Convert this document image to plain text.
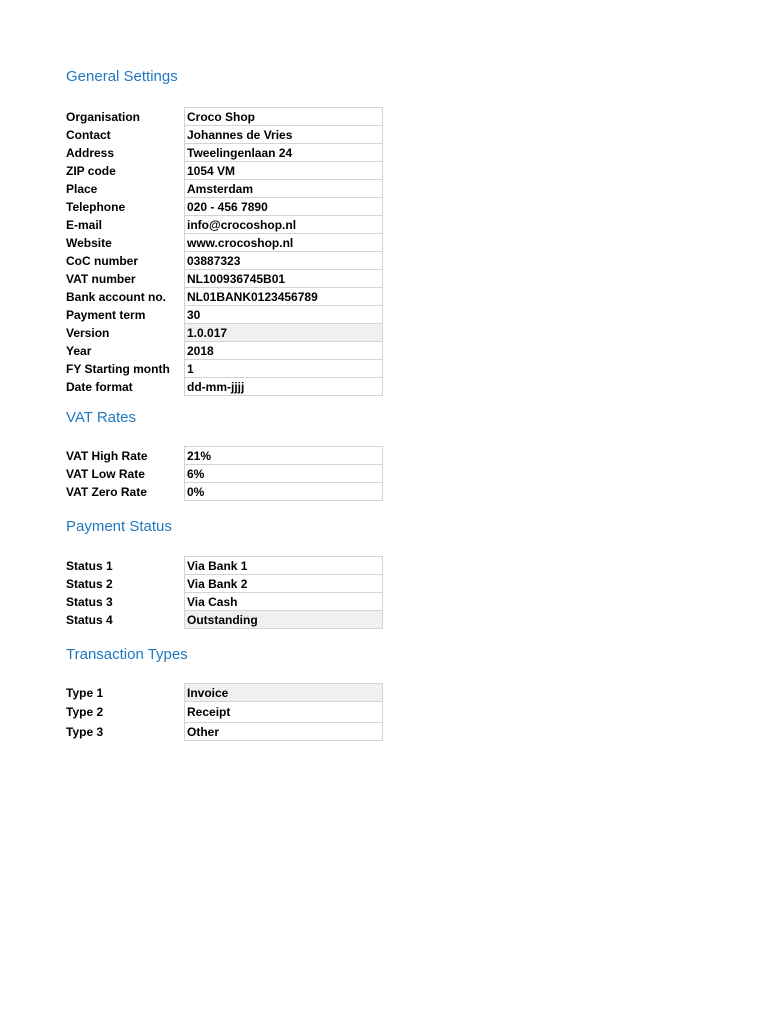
General Settings
Organisation	Croco Shop
Contact	Johannes de Vries
Address	Tweelingenlaan 24
ZIP code	1054 VM
Place	Amsterdam
Telephone	020 - 456 7890
E-mail	info@crocoshop.nl
Website	www.crocoshop.nl
CoC number	03887323
VAT number	NL100936745B01
Bank account no.	NL01BANK0123456789
Payment term	30
Version	1.0.017
Year	2018
FY Starting month	1
Date format	dd-mm-jjjj
VAT Rates
VAT High Rate	21%
VAT Low Rate	6%
VAT Zero Rate	0%
Payment Status
Status 1	Via Bank 1
Status 2	Via Bank 2
Status 3	Via Cash
Status 4	Outstanding
Transaction Types
Type 1	Invoice
Type 2	Receipt
Type 3	Other
